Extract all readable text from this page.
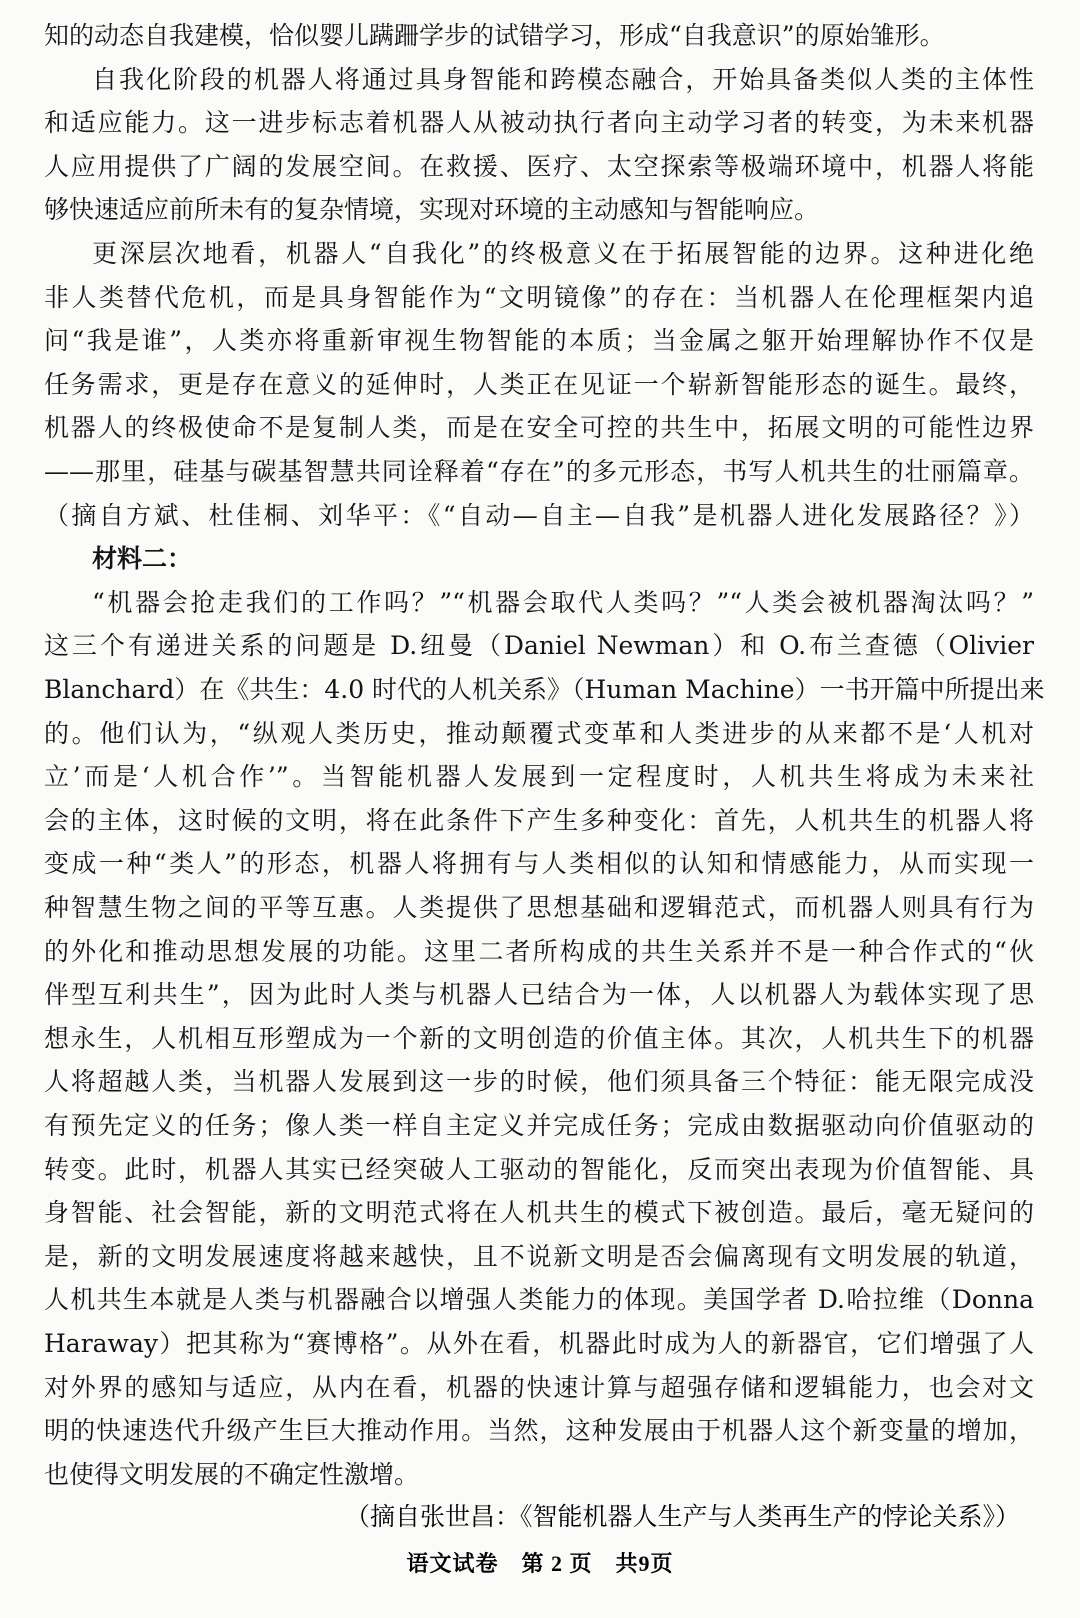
知的动态自我建模，恰似婴儿蹒跚学步的试错学习，形成“自我意识”的原始雏形。
自我化阶段的机器人将通过具身智能和跨模态融合，开始具备类似人类的主体性
和适应能力。这一进步标志着机器人从被动执行者向主动学习者的转变，为未来机器
人应用提供了广阔的发展空间。在救援、医疗、太空探索等极端环境中，机器人将能
够快速适应前所未有的复杂情境，实现对环境的主动感知与智能响应。
更深层次地看，机器人“自我化”的终极意义在于拓展智能的边界。这种进化绝
非人类替代危机，而是具身智能作为“文明镜像”的存在：当机器人在伦理框架内追
问“我是谁”，人类亦将重新审视生物智能的本质；当金属之躯开始理解协作不仅是
任务需求，更是存在意义的延伸时，人类正在见证一个崭新智能形态的诞生。最终，
机器人的终极使命不是复制人类，而是在安全可控的共生中，拓展文明的可能性边界
——那里，硅基与碳基智慧共同诠释着“存在”的多元形态，书写人机共生的壮丽篇章。
（摘自方斌、杜佳桐、刘华平：《“自动—自主—自我”是机器人进化发展路径？》）
材料二：
“机器会抢走我们的工作吗？”“机器会取代人类吗？”“人类会被机器淘汰吗？”
这三个有递进关系的问题是 D.纽曼（Daniel Newman）和 O.布兰查德（Olivier
Blanchard）在《共生：4.0 时代的人机关系》（Human Machine）一书开篇中所提出来
的。他们认为，“纵观人类历史，推动颠覆式变革和人类进步的从来都不是‘人机对
立’而是‘人机合作’”。当智能机器人发展到一定程度时，人机共生将成为未来社
会的主体，这时候的文明，将在此条件下产生多种变化：首先，人机共生的机器人将
变成一种“类人”的形态，机器人将拥有与人类相似的认知和情感能力，从而实现一
种智慧生物之间的平等互惠。人类提供了思想基础和逻辑范式，而机器人则具有行为
的外化和推动思想发展的功能。这里二者所构成的共生关系并不是一种合作式的“伙
伴型互利共生”，因为此时人类与机器人已结合为一体，人以机器人为载体实现了思
想永生，人机相互形塑成为一个新的文明创造的价值主体。其次，人机共生下的机器
人将超越人类，当机器人发展到这一步的时候，他们须具备三个特征：能无限完成没
有预先定义的任务；像人类一样自主定义并完成任务；完成由数据驱动向价值驱动的
转变。此时，机器人其实已经突破人工驱动的智能化，反而突出表现为价值智能、具
身智能、社会智能，新的文明范式将在人机共生的模式下被创造。最后，毫无疑问的
是，新的文明发展速度将越来越快，且不说新文明是否会偏离现有文明发展的轨道，
人机共生本就是人类与机器融合以增强人类能力的体现。美国学者 D.哈拉维（Donna
Haraway）把其称为“赛博格”。从外在看，机器此时成为人的新器官，它们增强了人
对外界的感知与适应，从内在看，机器的快速计算与超强存储和逻辑能力，也会对文
明的快速迭代升级产生巨大推动作用。当然，这种发展由于机器人这个新变量的增加，
也使得文明发展的不确定性激增。
（摘自张世昌：《智能机器人生产与人类再生产的悖论关系》）
语文试卷　第 2 页　共9页
